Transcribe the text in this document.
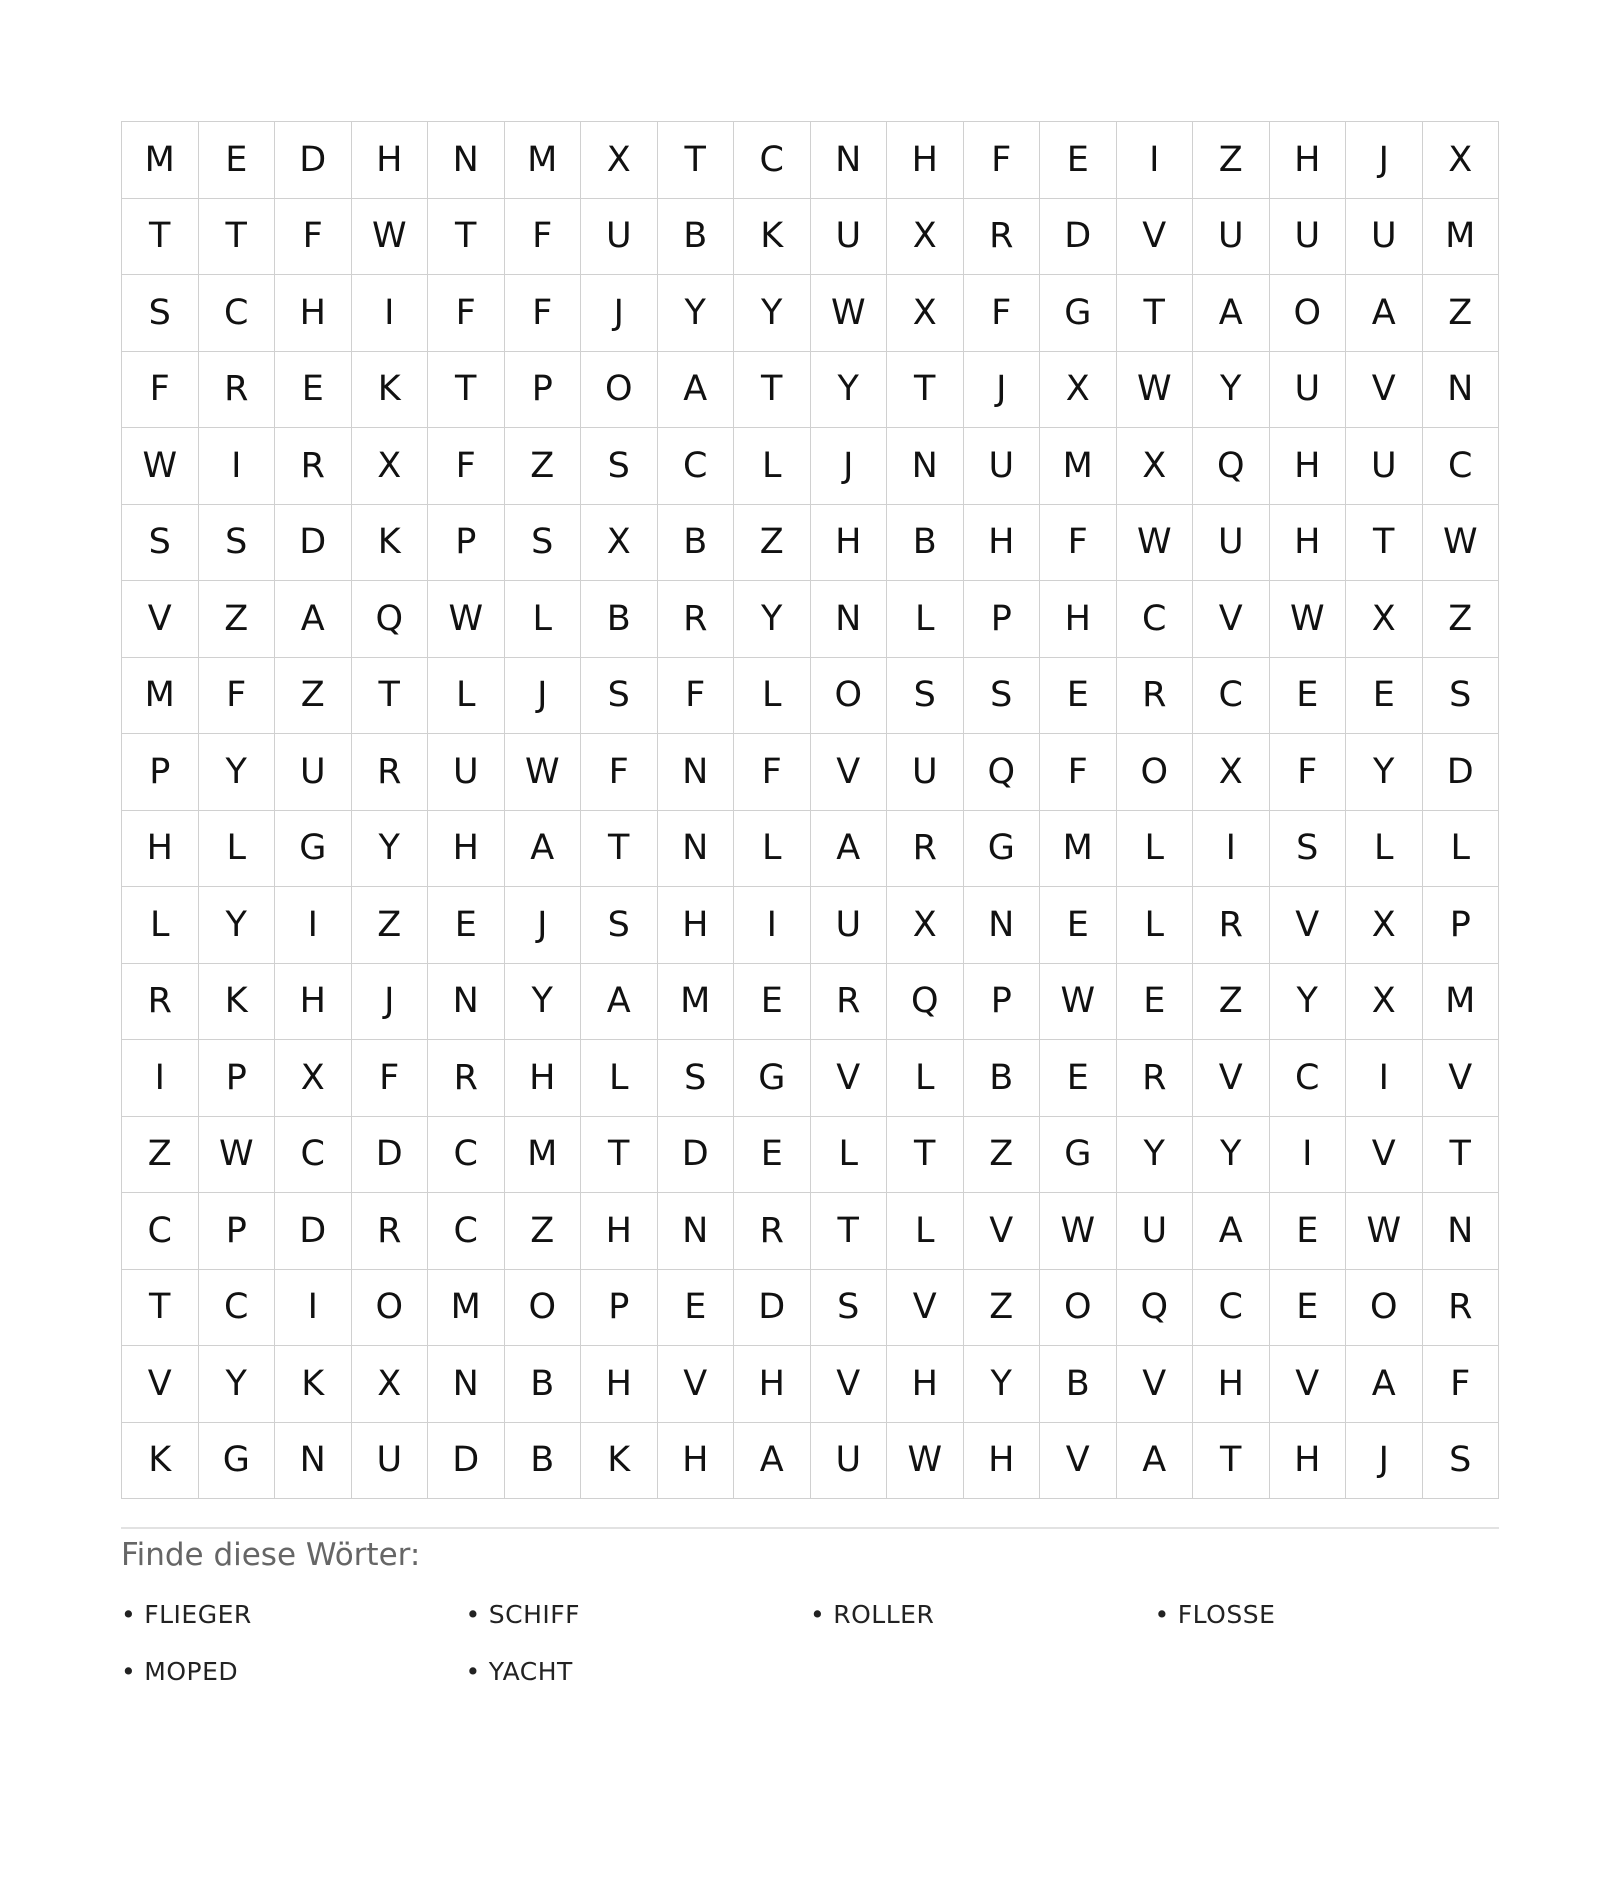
M	E	D	H	N	M	X	T	C	N	H	F	E	I	Z	H	J	X
T	T	F	W	T	F	U	B	K	U	X	R	D	V	U	U	U	M
S	C	H	I	F	F	J	Y	Y	W	X	F	G	T	A	O	A	Z
F	R	E	K	T	P	O	A	T	Y	T	J	X	W	Y	U	V	N
W	I	R	X	F	Z	S	C	L	J	N	U	M	X	Q	H	U	C
S	S	D	K	P	S	X	B	Z	H	B	H	F	W	U	H	T	W
V	Z	A	Q	W	L	B	R	Y	N	L	P	H	C	V	W	X	Z
M	F	Z	T	L	J	S	F	L	O	S	S	E	R	C	E	E	S
P	Y	U	R	U	W	F	N	F	V	U	Q	F	O	X	F	Y	D
H	L	G	Y	H	A	T	N	L	A	R	G	M	L	I	S	L	L
L	Y	I	Z	E	J	S	H	I	U	X	N	E	L	R	V	X	P
R	K	H	J	N	Y	A	M	E	R	Q	P	W	E	Z	Y	X	M
I	P	X	F	R	H	L	S	G	V	L	B	E	R	V	C	I	V
Z	W	C	D	C	M	T	D	E	L	T	Z	G	Y	Y	I	V	T
C	P	D	R	C	Z	H	N	R	T	L	V	W	U	A	E	W	N
T	C	I	O	M	O	P	E	D	S	V	Z	O	Q	C	E	O	R
V	Y	K	X	N	B	H	V	H	V	H	Y	B	V	H	V	A	F
K	G	N	U	D	B	K	H	A	U	W	H	V	A	T	H	J	S
Finde diese Wörter:
• FLIEGER	• SCHIFF	• ROLLER	• FLOSSE
• MOPED	• YACHT
